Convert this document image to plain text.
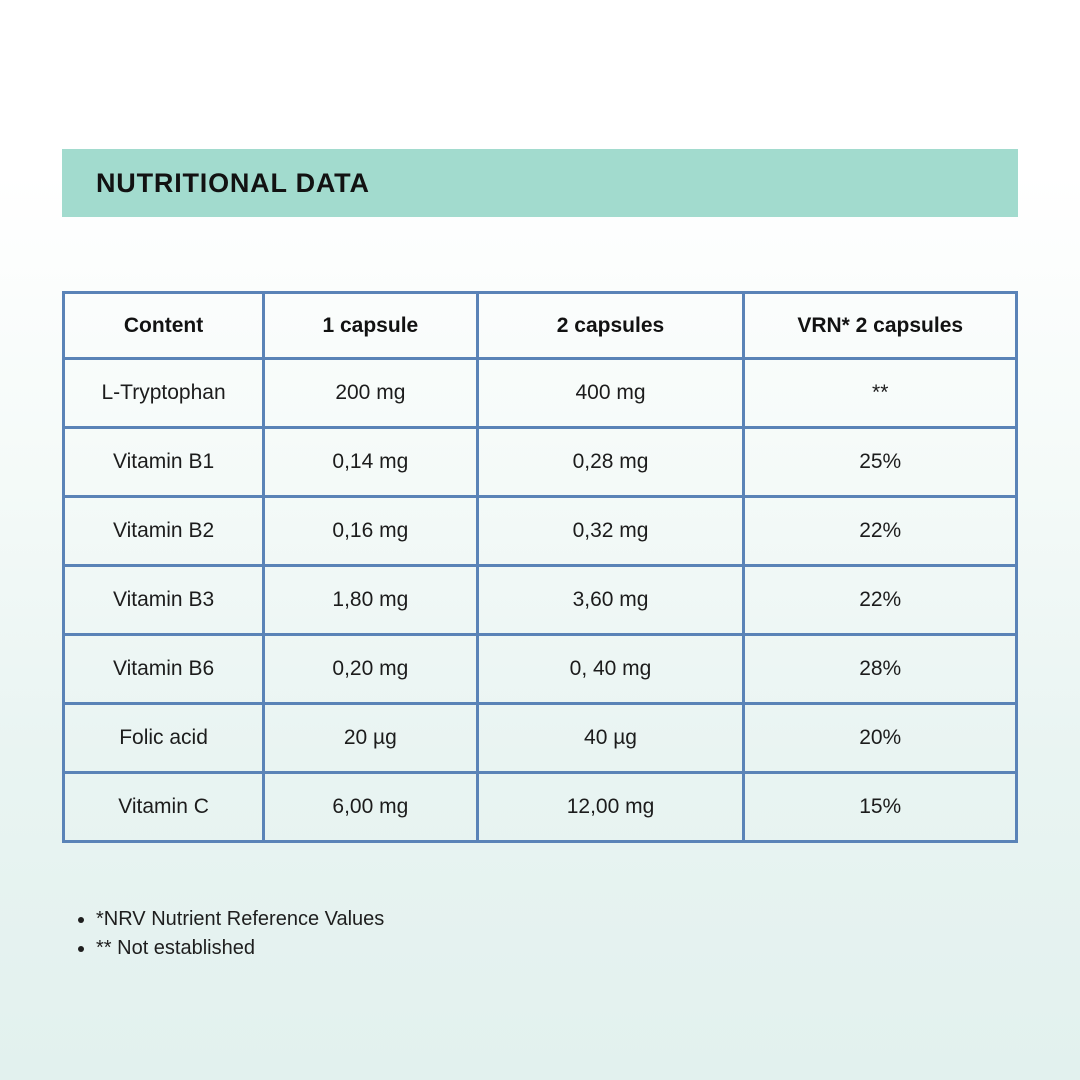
NUTRITIONAL DATA
Content	1 capsule	2 capsules	VRN* 2 capsules
L-Tryptophan	200 mg	400 mg	**
Vitamin B1	0,14 mg	0,28 mg	25%
Vitamin B2	0,16 mg	0,32 mg	22%
Vitamin B3	1,80 mg	3,60 mg	22%
Vitamin B6	0,20 mg	0, 40 mg	28%
Folic acid	20 µg	40 µg	20%
Vitamin C	6,00 mg	12,00 mg	15%
• *NRV Nutrient Reference Values
• ** Not established
